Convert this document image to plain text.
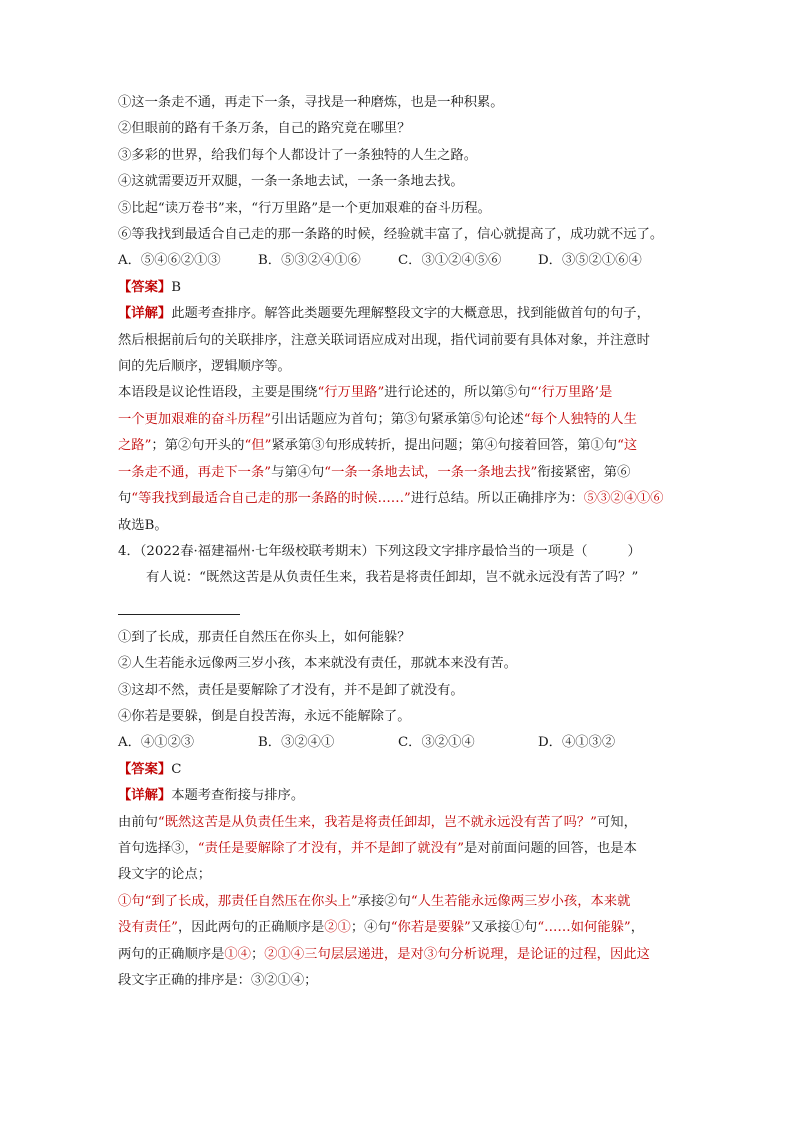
①这一条走不通，再走下一条，寻找是一种磨炼，也是一种积累。
②但眼前的路有千条万条，自己的路究竟在哪里？
③多彩的世界，给我们每个人都设计了一条独特的人生之路。
④这就需要迈开双腿，一条一条地去试，一条一条地去找。
⑤比起“读万卷书”来，“行万里路”是一个更加艰难的奋斗历程。
⑥等我找到最适合自己走的那一条路的时候，经验就丰富了，信心就提高了，成功就不远了。
A．⑤④⑥②①③	B．⑤③②④①⑥	C．③①②④⑤⑥	D．③⑤②①⑥④
【答案】B
【详解】此题考查排序。解答此类题要先理解整段文字的大概意思，找到能做首句的句子，
然后根据前后句的关联排序，注意关联词语应成对出现，指代词前要有具体对象，并注意时
间的先后顺序，逻辑顺序等。
本语段是议论性语段，主要是围绕“行万里路”进行论述的，所以第⑤句“‘行万里路’是
一个更加艰难的奋斗历程”引出话题应为首句；第③句紧承第⑤句论述“每个人独特的人生
之路”；第②句开头的“但”紧承第③句形成转折，提出问题；第④句接着回答，第①句“这
一条走不通，再走下一条”与第④句“一条一条地去试，一条一条地去找”衔接紧密，第⑥
句“等我找到最适合自己走的那一条路的时候……”进行总结。所以正确排序为：⑤③②④①⑥
故选B。
4．（2022春·福建福州·七年级校联考期末）下列这段文字排序最恰当的一项是（　　　）
有人说：“既然这苦是从负责任生来，我若是将责任卸却，岂不就永远没有苦了吗？”
①到了长成，那责任自然压在你头上，如何能躲？
②人生若能永远像两三岁小孩，本来就没有责任，那就本来没有苦。
③这却不然，责任是要解除了才没有，并不是卸了就没有。
④你若是要躲，倒是自投苦海，永远不能解除了。
A．④①②③	B．③②④①	C．③②①④	D．④①③②
【答案】C
【详解】本题考查衔接与排序。
由前句“既然这苦是从负责任生来，我若是将责任卸却，岂不就永远没有苦了吗？”可知，
首句选择③，“责任是要解除了才没有，并不是卸了就没有”是对前面问题的回答，也是本
段文字的论点；
①句“到了长成，那责任自然压在你头上”承接②句“人生若能永远像两三岁小孩，本来就
没有责任”，因此两句的正确顺序是②①；④句“你若是要躲”又承接①句“……如何能躲”，
两句的正确顺序是①④；②①④三句层层递进，是对③句分析说理，是论证的过程，因此这
段文字正确的排序是：③②①④；
